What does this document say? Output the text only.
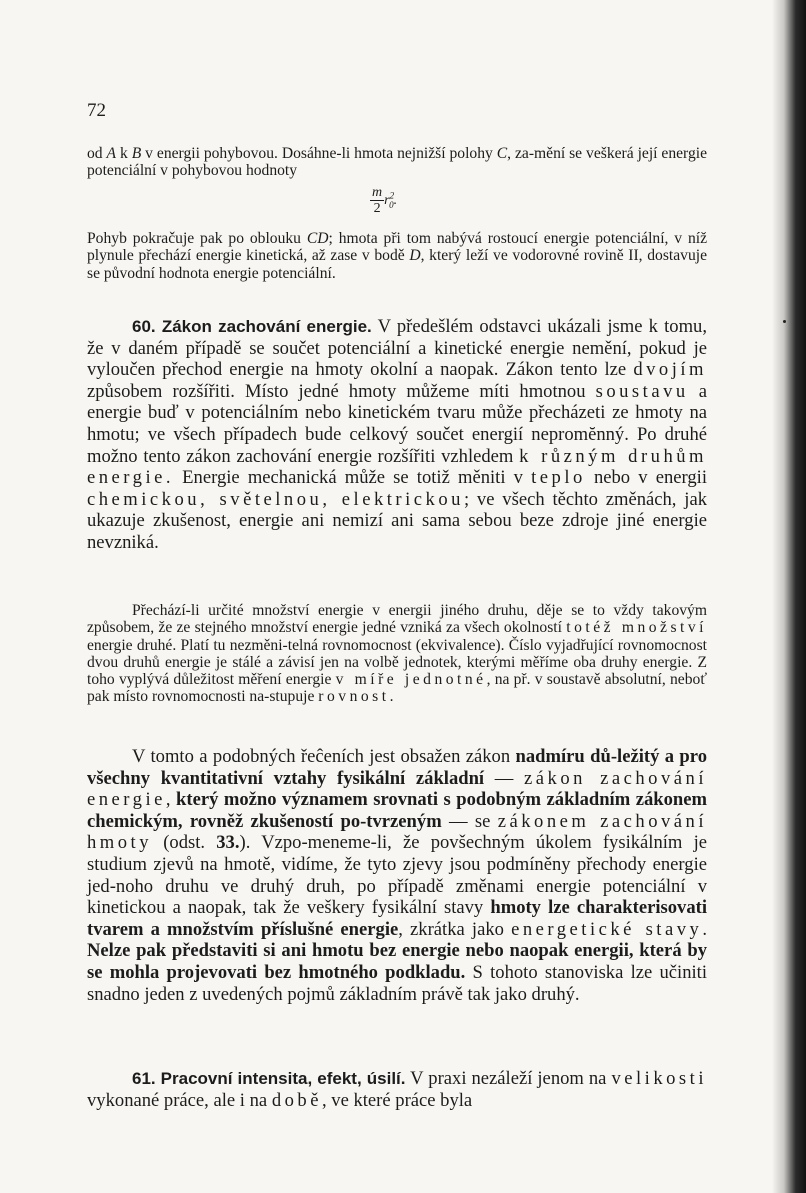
72

od A k B v energii pohybovou. Dosáhne-li hmota nejnižší polohy C, za-mění se veškerá její energie potenciální v pohybovou hodnoty

$\frac{m}{2} r^2_0$.

Pohyb pokračuje pak po oblouku CD; hmota při tom nabývá rostoucí energie potenciální, v níž plynule přechází energie kinetická, až zase v bodě D, který leží ve vodorovné rovině II, dostavuje se původní hodnota energie potenciální.

60. Zákon zachování energie. V předešlém odstavci ukázali jsme k tomu, že v daném případě se součet potenciální a kinetické energie nemění, pokud je vyloučen přechod energie na hmoty okolní a naopak. Zákon tento lze dvojím způsobem rozšířiti. Místo jedné hmoty můžeme míti hmotnou soustavu a energie buď v potenciálním nebo kinetickém tvaru může přecházeti ze hmoty na hmotu; ve všech případech bude celkový součet energií nepromĕnný. Po druhé možno tento zákon zachování energie rozšířiti vzhledem k různým druhům energie. Energie mechanická může se totiž měniti v teplo nebo v energii chemickou, světelnou, elektrickou; ve všech těchto změnách, jak ukazuje zkušenost, energie ani nemizí ani sama sebou beze zdroje jiné energie nevzniká.

Přechází-li určité množství energie v energii jiného druhu, děje se to vždy takovým způsobem, že ze stejného množství energie jedné vzniká za všech okolností totéž množství energie druhé. Platí tu nezměni-telná rovnomocnost (ekvivalence). Číslo vyjadřující rovnomocnost dvou druhů energie je stálé a závisí jen na volbě jednotek, kterými měříme oba druhy energie. Z toho vyplývá důležitost měření energie v míře jednotné, na př. v soustavě absolutní, neboť pak místo rovnomocnosti na-stupuje rovnost.

V tomto a podobných řeĉeních jest obsažen zákon nadmíru dů-ležitý a pro všechny kvantitativní vztahy fysikální základní — zákon zachování energie, který možno významem srovnati s podobným základním zákonem chemickým, rovněž zkušeností po-tvrzeným — se zákonem zachování hmoty (odst. 33.). Vzpo-meneme-li, že povšechným úkolem fysikálním je studium zjevů na hmotě, vidíme, že tyto zjevy jsou podmíněny přechody energie jed-noho druhu ve druhý druh, po případě změnami energie potenciální v kinetickou a naopak, tak že veškery fysikální stavy hmoty lze charakterisovati tvarem a množstvím příslušné energie, zkrátka jako energetické stavy. Nelze pak představiti si ani hmotu bez energie nebo naopak energii, která by se mohla projevovati bez hmotného podkladu. S tohoto stanoviska lze učiniti snadno jeden z uvedených pojmů základním právě tak jako druhý.

61. Pracovní intensita, efekt, úsilí. V praxi nezáleží jenom na velikosti vykonané práce, ale i na době, ve které práce byla
